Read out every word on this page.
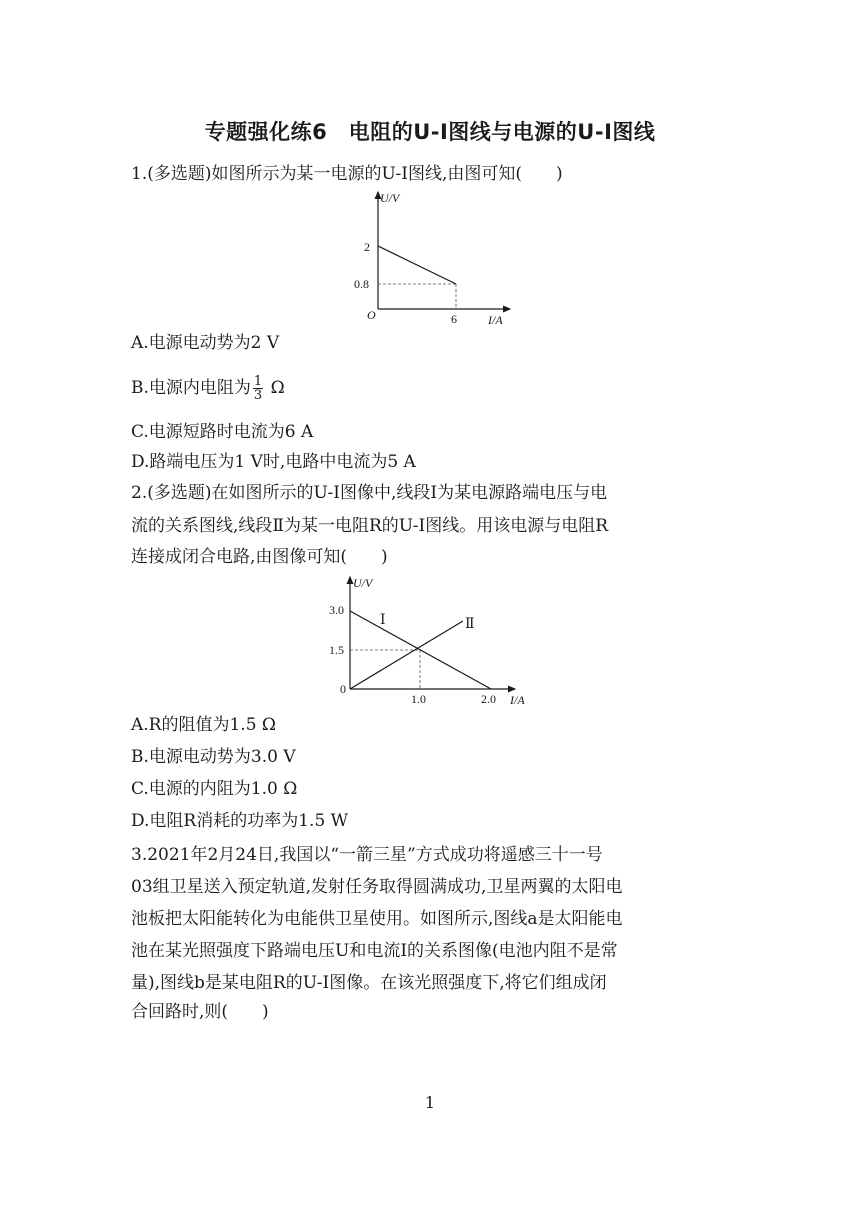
专题强化练6　电阻的U-I图线与电源的U-I图线
1.(多选题)如图所示为某一电源的U-I图线,由图可知(　　)
U/V
I/A
O
2
0.8
6
A.电源电动势为2 V
B.电源内电阻为 $\frac{1}{3}$ Ω
C.电源短路时电流为6 A
D.路端电压为1 V时,电路中电流为5 A
2.(多选题)在如图所示的U-I图像中,线段Ⅰ为某电源路端电压与电
流的关系图线,线段Ⅱ为某一电阻R的U-I图线。用该电源与电阻R
连接成闭合电路,由图像可知(　　)
U/V
I/A
0
3.0
1.5
1.0	2.0
Ⅰ	Ⅱ
A.R的阻值为1.5 Ω
B.电源电动势为3.0 V
C.电源的内阻为1.0 Ω
D.电阻R消耗的功率为1.5 W
3.2021年2月24日,我国以“一箭三星”方式成功将遥感三十一号
03组卫星送入预定轨道,发射任务取得圆满成功,卫星两翼的太阳电
池板把太阳能转化为电能供卫星使用。如图所示,图线a是太阳能电
池在某光照强度下路端电压U和电流I的关系图像(电池内阻不是常
量),图线b是某电阻R的U-I图像。在该光照强度下,将它们组成闭
合回路时,则(　　)
1
